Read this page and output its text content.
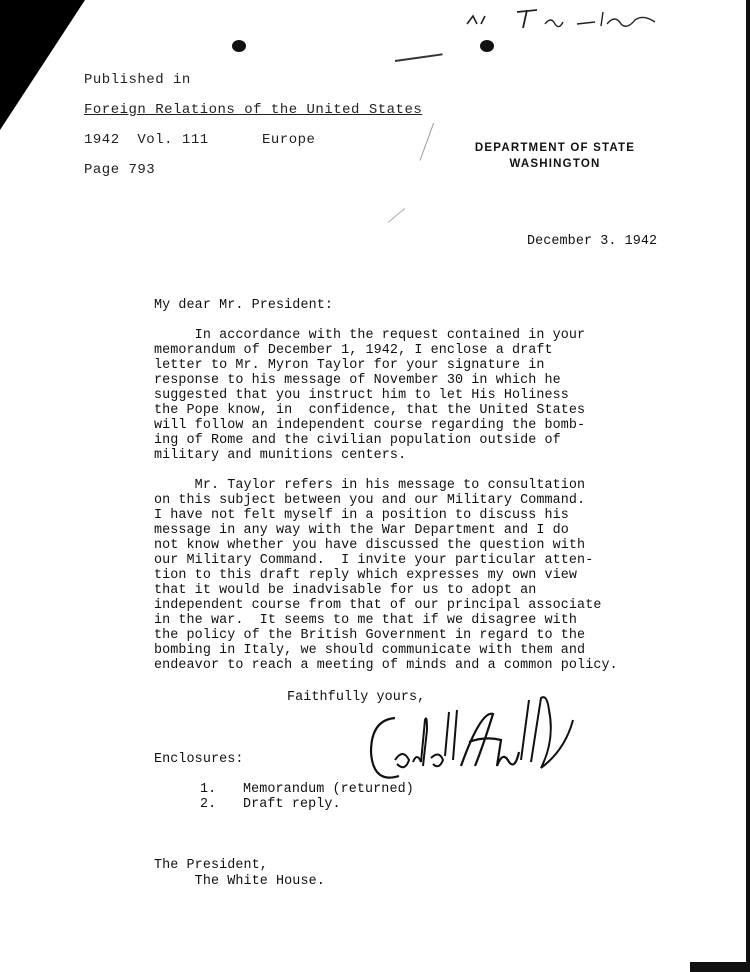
Published in
Foreign Relations of the United States
1942  Vol. 111	Europe
Page 793
DEPARTMENT OF STATE
WASHINGTON
December 3. 1942
My dear Mr. President:
In accordance with the request contained in your
memorandum of December 1, 1942, I enclose a draft
letter to Mr. Myron Taylor for your signature in
response to his message of November 30 in which he
suggested that you instruct him to let His Holiness
the Pope know, in  confidence, that the United States
will follow an independent course regarding the bomb-
ing of Rome and the civilian population outside of
military and munitions centers.
Mr. Taylor refers in his message to consultation
on this subject between you and our Military Command.
I have not felt myself in a position to discuss his
message in any way with the War Department and I do
not know whether you have discussed the question with
our Military Command.  I invite your particular atten-
tion to this draft reply which expresses my own view
that it would be inadvisable for us to adopt an
independent course from that of our principal associate
in the war.  It seems to me that if we disagree with
the policy of the British Government in regard to the
bombing in Italy, we should communicate with them and
endeavor to reach a meeting of minds and a common policy.
Faithfully yours,
Enclosures:
1. Memorandum (returned)
2. Draft reply.
The President,
The White House.
